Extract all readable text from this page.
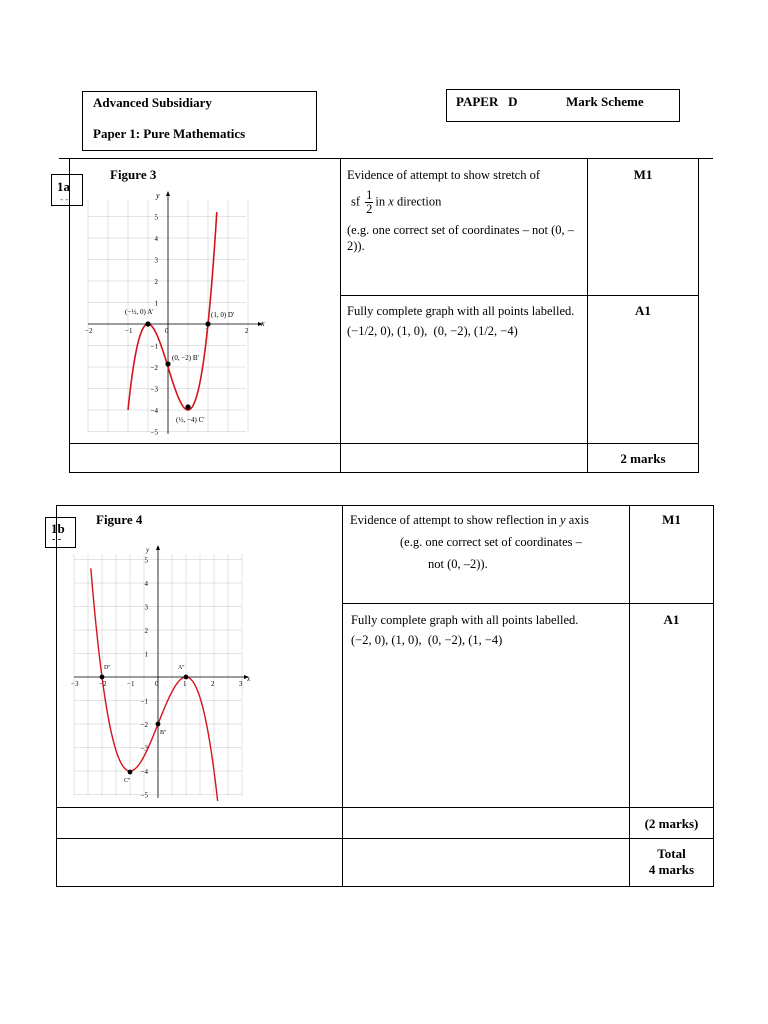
Advanced Subsidiary
Paper 1: Pure Mathematics
PAPER   D	Mark Scheme
1a
- -
Figure 3
x
y
−2	−1	0	1	2
5
4
3
2
1
−1
−2
−3
−4
−5
(−½, 0) A'	(1, 0) D'
(0, −2) B'
(½, −4) C'
Evidence of attempt to show stretch of
sf $\frac{1}{2}$ in x direction
(e.g. one correct set of coordinates – not (0, –2)).
M1
Fully complete graph with all points labelled.
(−1/2, 0), (1, 0),  (0, −2), (1/2, −4)
A1
2 marks
1b
- -
Figure 4
x
y
−3	−2	−1	0	1	2	3
5
4
3
2
1
−1
−2
−3
−4
−5
D''	A''
B''
C''
Evidence of attempt to show reflection in y axis
(e.g. one correct set of coordinates –
not (0, –2)).
M1
Fully complete graph with all points labelled.
(−2, 0), (1, 0),  (0, −2), (1, −4)
A1
(2 marks)
Total
4 marks
